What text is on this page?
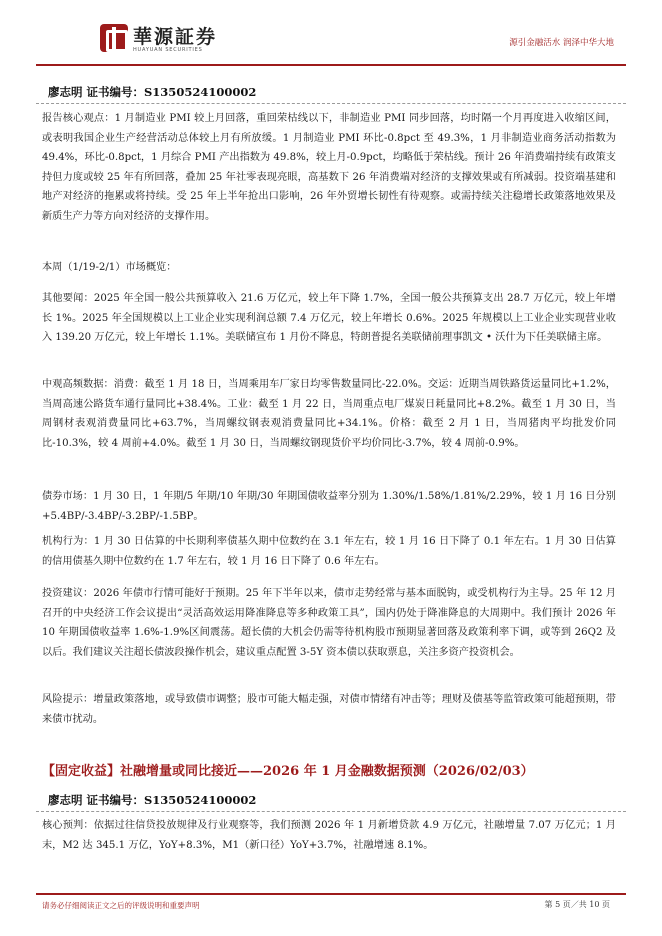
華源証券
HUAYUAN SECURITIES
源引金融活水 润泽中华大地
廖志明 证书编号：S1350524100002

报告核心观点：1 月制造业 PMI 较上月回落，重回荣枯线以下，非制造业 PMI 同步回落，均时隔一个月再度进入收缩区间，或表明我国企业生产经营活动总体较上月有所放缓。1 月制造业 PMI 环比-0.8pct 至 49.3%，1 月非制造业商务活动指数为 49.4%，环比-0.8pct，1 月综合 PMI 产出指数为 49.8%，较上月-0.9pct，均略低于荣枯线。预计 26 年消费端持续有政策支持但力度或较 25 年有所回落，叠加 25 年社零表现亮眼，高基数下 26 年消费端对经济的支撑效果或有所减弱。投资端基建和地产对经济的拖累或将持续。受 25 年上半年抢出口影响，26 年外贸增长韧性有待观察。或需持续关注稳增长政策落地效果及新质生产力等方向对经济的支撑作用。

本周（1/19-2/1）市场概览：

其他要闻：2025 年全国一般公共预算收入 21.6 万亿元，较上年下降 1.7%，全国一般公共预算支出 28.7 万亿元，较上年增长 1%。2025 年全国规模以上工业企业实现利润总额 7.4 万亿元，较上年增长 0.6%。2025 年规模以上工业企业实现营业收入 139.20 万亿元，较上年增长 1.1%。美联储宣布 1 月份不降息，特朗普提名美联储前理事凯文 • 沃什为下任美联储主席。

中观高频数据：消费：截至 1 月 18 日，当周乘用车厂家日均零售数量同比-22.0%。交运：近期当周铁路货运量同比+1.2%，当周高速公路货车通行量同比+38.4%。工业：截至 1 月 22 日，当周重点电厂煤炭日耗量同比+8.2%。截至 1 月 30 日，当周钢材表观消费量同比+63.7%，当周螺纹钢表观消费量同比+34.1%。价格：截至 2 月 1 日，当周猪肉平均批发价同比-10.3%，较 4 周前+4.0%。截至 1 月 30 日，当周螺纹钢现货价平均价同比-3.7%，较 4 周前-0.9%。

债券市场：1 月 30 日，1 年期/5 年期/10 年期/30 年期国债收益率分别为 1.30%/1.58%/1.81%/2.29%，较 1 月 16 日分别+5.4BP/-3.4BP/-3.2BP/-1.5BP。

机构行为：1 月 30 日估算的中长期利率债基久期中位数约在 3.1 年左右，较 1 月 16 日下降了 0.1 年左右。1 月 30 日估算的信用债基久期中位数约在 1.7 年左右，较 1 月 16 日下降了 0.6 年左右。

投资建议：2026 年债市行情可能好于预期。25 年下半年以来，债市走势经常与基本面脱钩，或受机构行为主导。25 年 12 月召开的中央经济工作会议提出“灵活高效运用降准降息等多种政策工具”，国内仍处于降准降息的大周期中。我们预计 2026 年 10 年期国债收益率 1.6%-1.9%区间震荡。超长债的大机会仍需等待机构股市预期显著回落及政策利率下调，或等到 26Q2 及以后。我们建议关注超长债波段操作机会，建议重点配置 3-5Y 资本债以获取票息，关注多资产投资机会。

风险提示：增量政策落地，或导致债市调整；股市可能大幅走强，对债市情绪有冲击等；理财及债基等监管政策可能超预期，带来债市扰动。

【固定收益】社融增量或同比接近——2026 年 1 月金融数据预测（2026/02/03）
廖志明 证书编号：S1350524100002

核心预判：依据过往信贷投放规律及行业观察等，我们预测 2026 年 1 月新增贷款 4.9 万亿元，社融增量 7.07 万亿元；1 月末，M2 达 345.1 万亿，YoY+8.3%，M1（新口径）YoY+3.7%，社融增速 8.1%。

请务必仔细阅读正文之后的评级说明和重要声明	第 5 页／共 10 页
